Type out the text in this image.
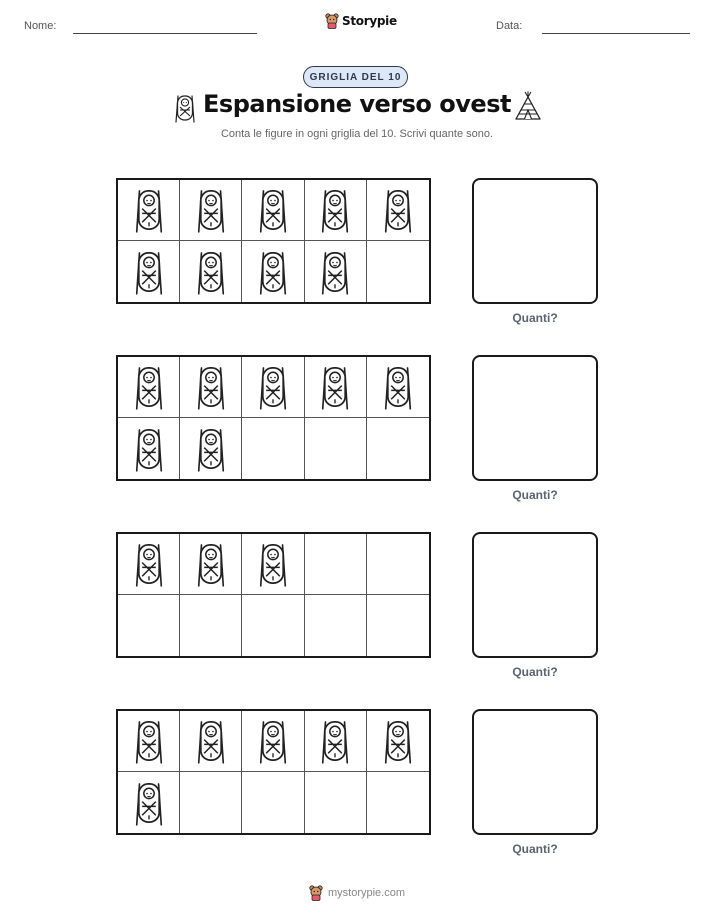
Nome:	Storypie	Data:
GRIGLIA DEL 10
Espansione verso ovest
Conta le figure in ogni griglia del 10. Scrivi quante sono.
Quanti?
Quanti?
Quanti?
Quanti?
mystorypie.com
